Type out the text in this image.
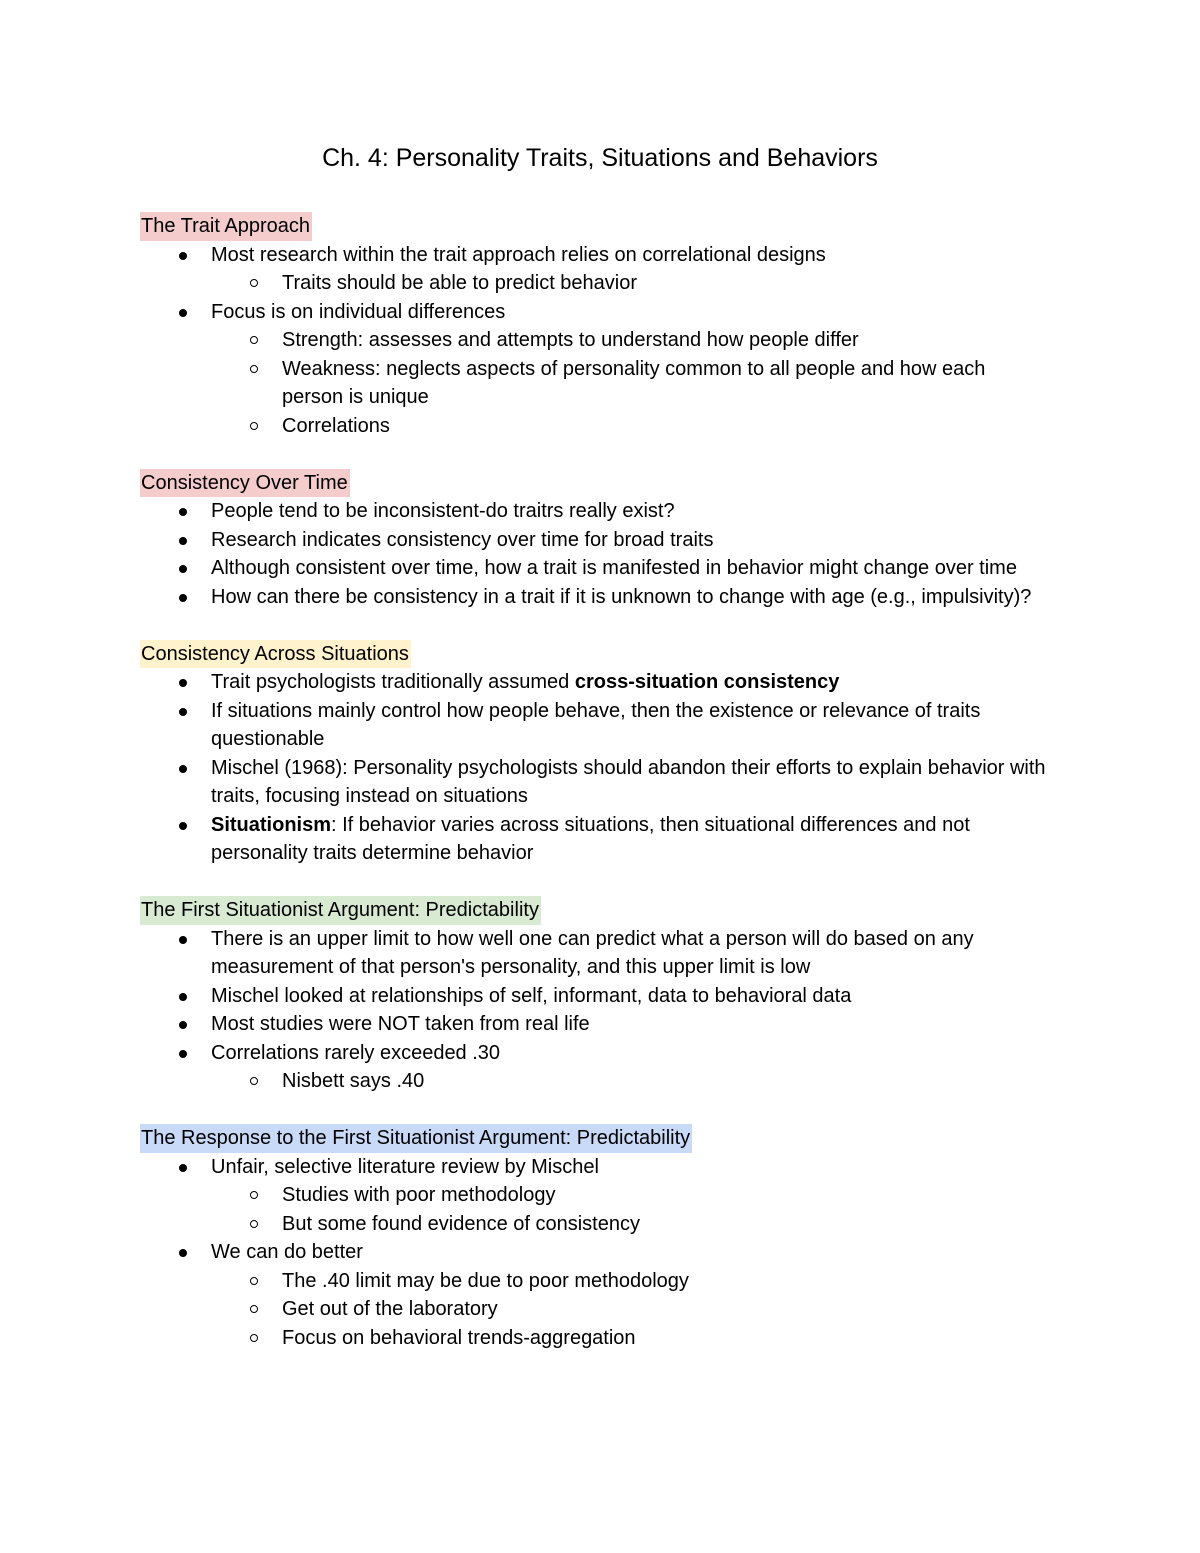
Ch. 4: Personality Traits, Situations and Behaviors
The Trait Approach
Most research within the trait approach relies on correlational designs
Traits should be able to predict behavior
Focus is on individual differences
Strength: assesses and attempts to understand how people differ
Weakness: neglects aspects of personality common to all people and how each person is unique
Correlations
Consistency Over Time
People tend to be inconsistent-do traitrs really exist?
Research indicates consistency over time for broad traits
Although consistent over time, how a trait is manifested in behavior might change over time
How can there be consistency in a trait if it is unknown to change with age (e.g., impulsivity)?
Consistency Across Situations
Trait psychologists traditionally assumed cross-situation consistency
If situations mainly control how people behave, then the existence or relevance of traits questionable
Mischel (1968): Personality psychologists should abandon their efforts to explain behavior with traits, focusing instead on situations
Situationism: If behavior varies across situations, then situational differences and not personality traits determine behavior
The First Situationist Argument: Predictability
There is an upper limit to how well one can predict what a person will do based on any measurement of that person's personality, and this upper limit is low
Mischel looked at relationships of self, informant, data to behavioral data
Most studies were NOT taken from real life
Correlations rarely exceeded .30
Nisbett says .40
The Response to the First Situationist Argument: Predictability
Unfair, selective literature review by Mischel
Studies with poor methodology
But some found evidence of consistency
We can do better
The .40 limit may be due to poor methodology
Get out of the laboratory
Focus on behavioral trends-aggregation
